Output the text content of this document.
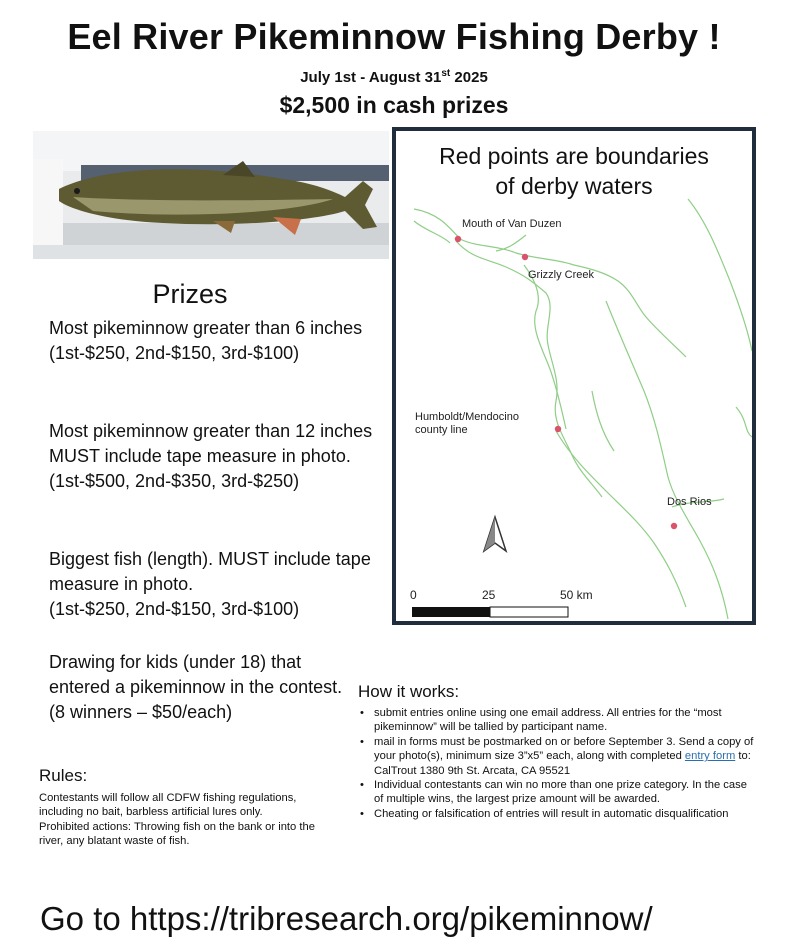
Eel River Pikeminnow Fishing Derby !
July 1st - August 31st 2025
$2,500 in cash prizes
Red points are boundaries
of derby waters
Mouth of Van Duzen
Grizzly Creek
Humboldt/Mendocino
county line
Dos Rios
0	25	50 km
Prizes
Most pikeminnow greater than 6 inches
(1st-$250, 2nd-$150, 3rd-$100)
Most pikeminnow greater than 12 inches MUST include tape measure in photo.
(1st-$500, 2nd-$350, 3rd-$250)
Biggest fish (length). MUST include tape measure in photo.
(1st-$250, 2nd-$150, 3rd-$100)
Drawing for kids (under 18) that entered a pikeminnow in the contest. (8 winners – $50/each)
Rules:
Contestants will follow all CDFW fishing regulations, including no bait, barbless artificial lures only.
Prohibited actions: Throwing fish on the bank or into the river, any blatant waste of fish.
How it works:
• submit entries online using one email address. All entries for the “most pikeminnow” will be tallied by participant name.
• mail in forms must be postmarked on or before September 3. Send a copy of your photo(s), minimum size 3”x5” each, along with completed entry form to: CalTrout 1380 9th St. Arcata, CA 95521
• Individual contestants can win no more than one prize category. In the case of multiple wins, the largest prize amount will be awarded.
• Cheating or falsification of entries will result in automatic disqualification
Go to https://tribresearch.org/pikeminnow/
